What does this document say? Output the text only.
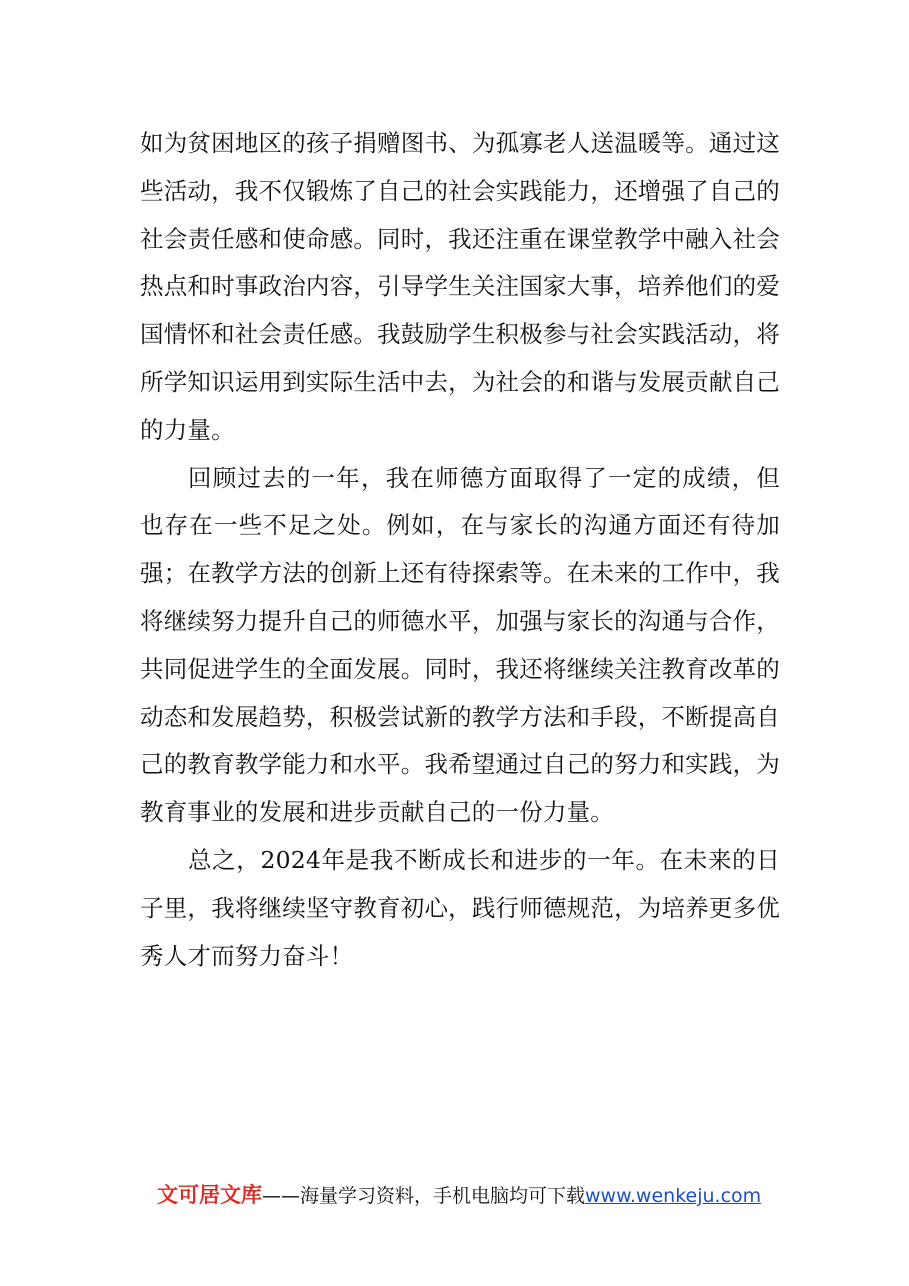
如为贫困地区的孩子捐赠图书、为孤寡老人送温暖等。通过这些活动，我不仅锻炼了自己的社会实践能力，还增强了自己的社会责任感和使命感。同时，我还注重在课堂教学中融入社会热点和时事政治内容，引导学生关注国家大事，培养他们的爱国情怀和社会责任感。我鼓励学生积极参与社会实践活动，将所学知识运用到实际生活中去，为社会的和谐与发展贡献自己的力量。

回顾过去的一年，我在师德方面取得了一定的成绩，但也存在一些不足之处。例如，在与家长的沟通方面还有待加强；在教学方法的创新上还有待探索等。在未来的工作中，我将继续努力提升自己的师德水平，加强与家长的沟通与合作，共同促进学生的全面发展。同时，我还将继续关注教育改革的动态和发展趋势，积极尝试新的教学方法和手段，不断提高自己的教育教学能力和水平。我希望通过自己的努力和实践，为教育事业的发展和进步贡献自己的一份力量。

总之，2024年是我不断成长和进步的一年。在未来的日子里，我将继续坚守教育初心，践行师德规范，为培养更多优秀人才而努力奋斗！

文可居文库——海量学习资料，手机电脑均可下载www.wenkeju.com
